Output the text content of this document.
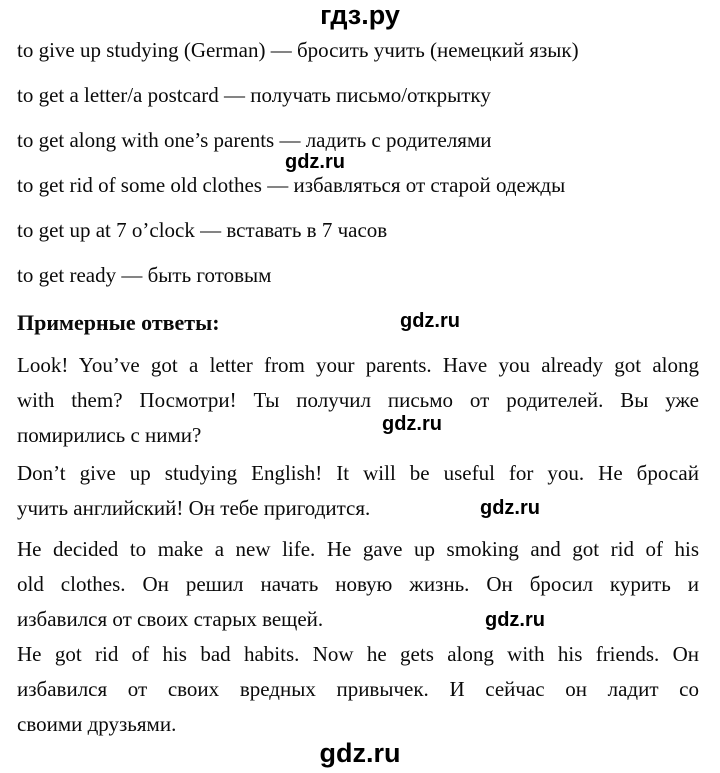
гдз.ру
to give up studying (German) — бросить учить (немецкий язык)
to get a letter/a postcard — получать письмо/открытку
to get along with one’s parents — ладить с родителями
gdz.ru
to get rid of some old clothes — избавляться от старой одежды
to get up at 7 o’clock — вставать в 7 часов
to get ready — быть готовым
Примерные ответы:	gdz.ru
Look! You’ve got a letter from your parents. Have you already got along
with them? Посмотри! Ты получил письмо от родителей. Вы уже
помирились с ними?	gdz.ru
Don’t give up studying English! It will be useful for you. Не бросай
учить английский! Он тебе пригодится.	gdz.ru
He decided to make a new life. He gave up smoking and got rid of his
old clothes. Он решил начать новую жизнь. Он бросил курить и
избавился от своих старых вещей.	gdz.ru
He got rid of his bad habits. Now he gets along with his friends. Он
избавился от своих вредных привычек. И сейчас он ладит со
своими друзьями.
gdz.ru
